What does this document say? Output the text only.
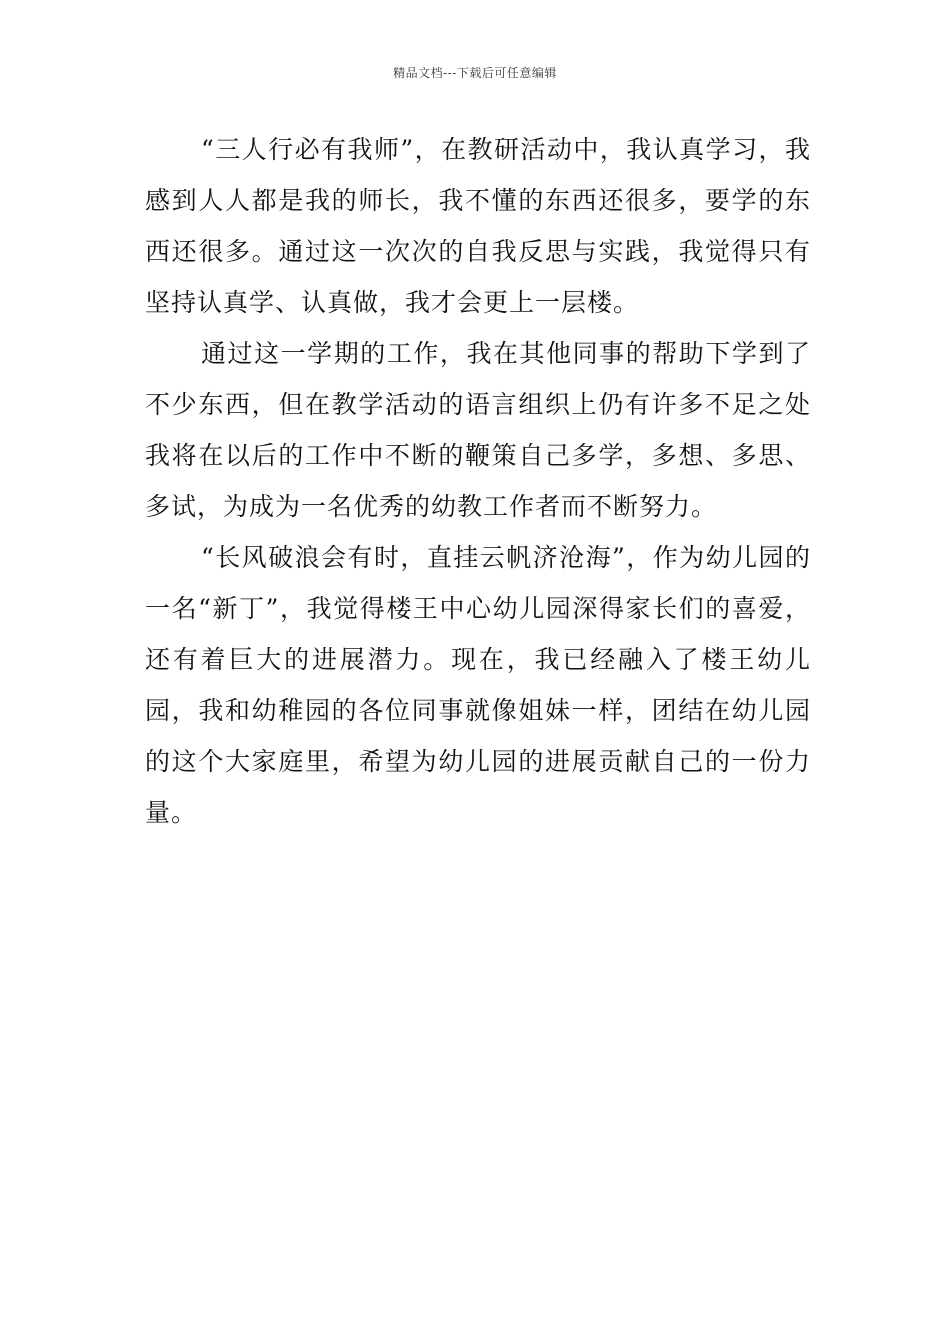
精品文档---下载后可任意编辑

“三人行必有我师”，在教研活动中，我认真学习，我感到人人都是我的师长，我不懂的东西还很多，要学的东西还很多。通过这一次次的自我反思与实践，我觉得只有坚持认真学、认真做，我才会更上一层楼。

通过这一学期的工作，我在其他同事的帮助下学到了不少东西，但在教学活动的语言组织上仍有许多不足之处我将在以后的工作中不断的鞭策自己多学，多想、多思、多试，为成为一名优秀的幼教工作者而不断努力。

“长风破浪会有时，直挂云帆济沧海”，作为幼儿园的一名“新丁”，我觉得楼王中心幼儿园深得家长们的喜爱，还有着巨大的进展潜力。现在，我已经融入了楼王幼儿园，我和幼稚园的各位同事就像姐妹一样，团结在幼儿园的这个大家庭里，希望为幼儿园的进展贡献自己的一份力量。
